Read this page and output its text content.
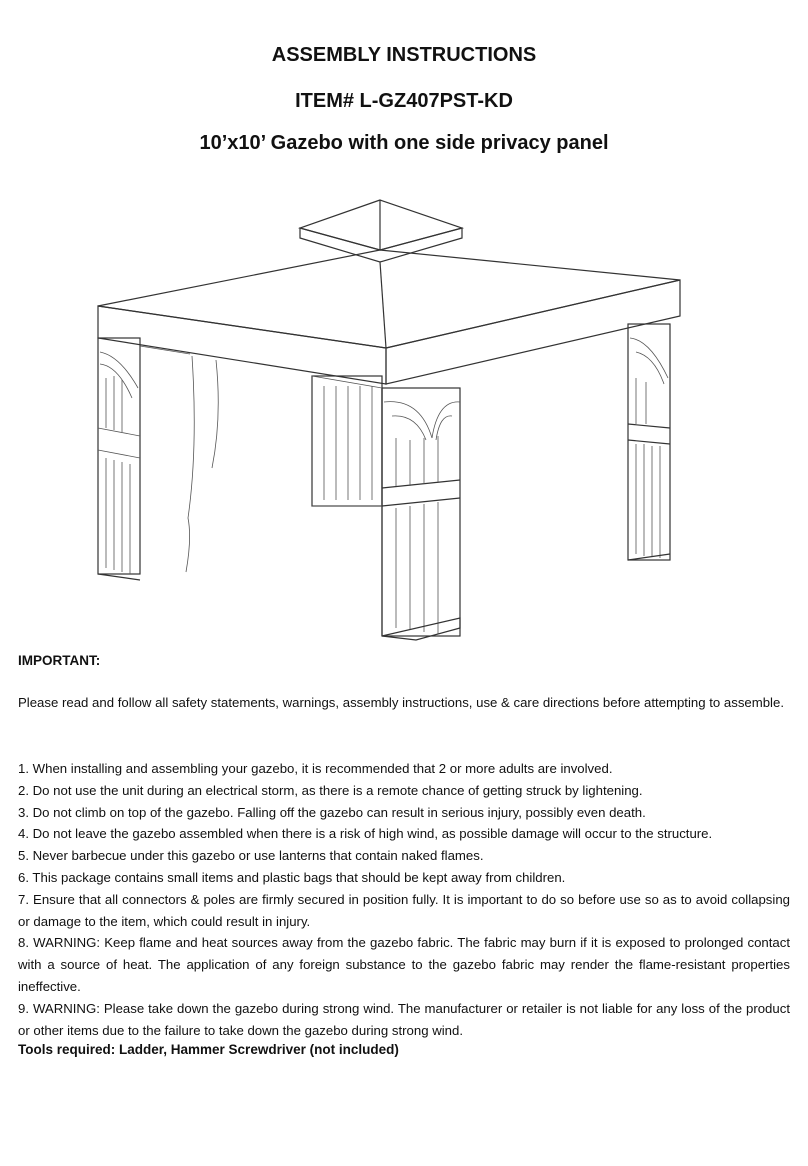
ASSEMBLY INSTRUCTIONS
ITEM# L-GZ407PST-KD
10’x10’ Gazebo with one side privacy panel

IMPORTANT:

Please read and follow all safety statements, warnings, assembly instructions, use & care directions before attempting to assemble.

1. When installing and assembling your gazebo, it is recommended that 2 or more adults are involved.
2. Do not use the unit during an electrical storm, as there is a remote chance of getting struck by lightening.
3. Do not climb on top of the gazebo. Falling off the gazebo can result in serious injury, possibly even death.
4. Do not leave the gazebo assembled when there is a risk of high wind, as possible damage will occur to the structure.
5. Never barbecue under this gazebo or use lanterns that contain naked flames.
6. This package contains small items and plastic bags that should be kept away from children.
7. Ensure that all connectors & poles are firmly secured in position fully. It is important to do so before use so as to avoid collapsing or damage to the item, which could result in injury.
8. WARNING: Keep flame and heat sources away from the gazebo fabric. The fabric may burn if it is exposed to prolonged contact with a source of heat. The application of any foreign substance to the gazebo fabric may render the flame-resistant properties ineffective.
9. WARNING: Please take down the gazebo during strong wind. The manufacturer or retailer is not liable for any loss of the product or other items due to the failure to take down the gazebo during strong wind.

Tools required: Ladder, Hammer Screwdriver (not included)
